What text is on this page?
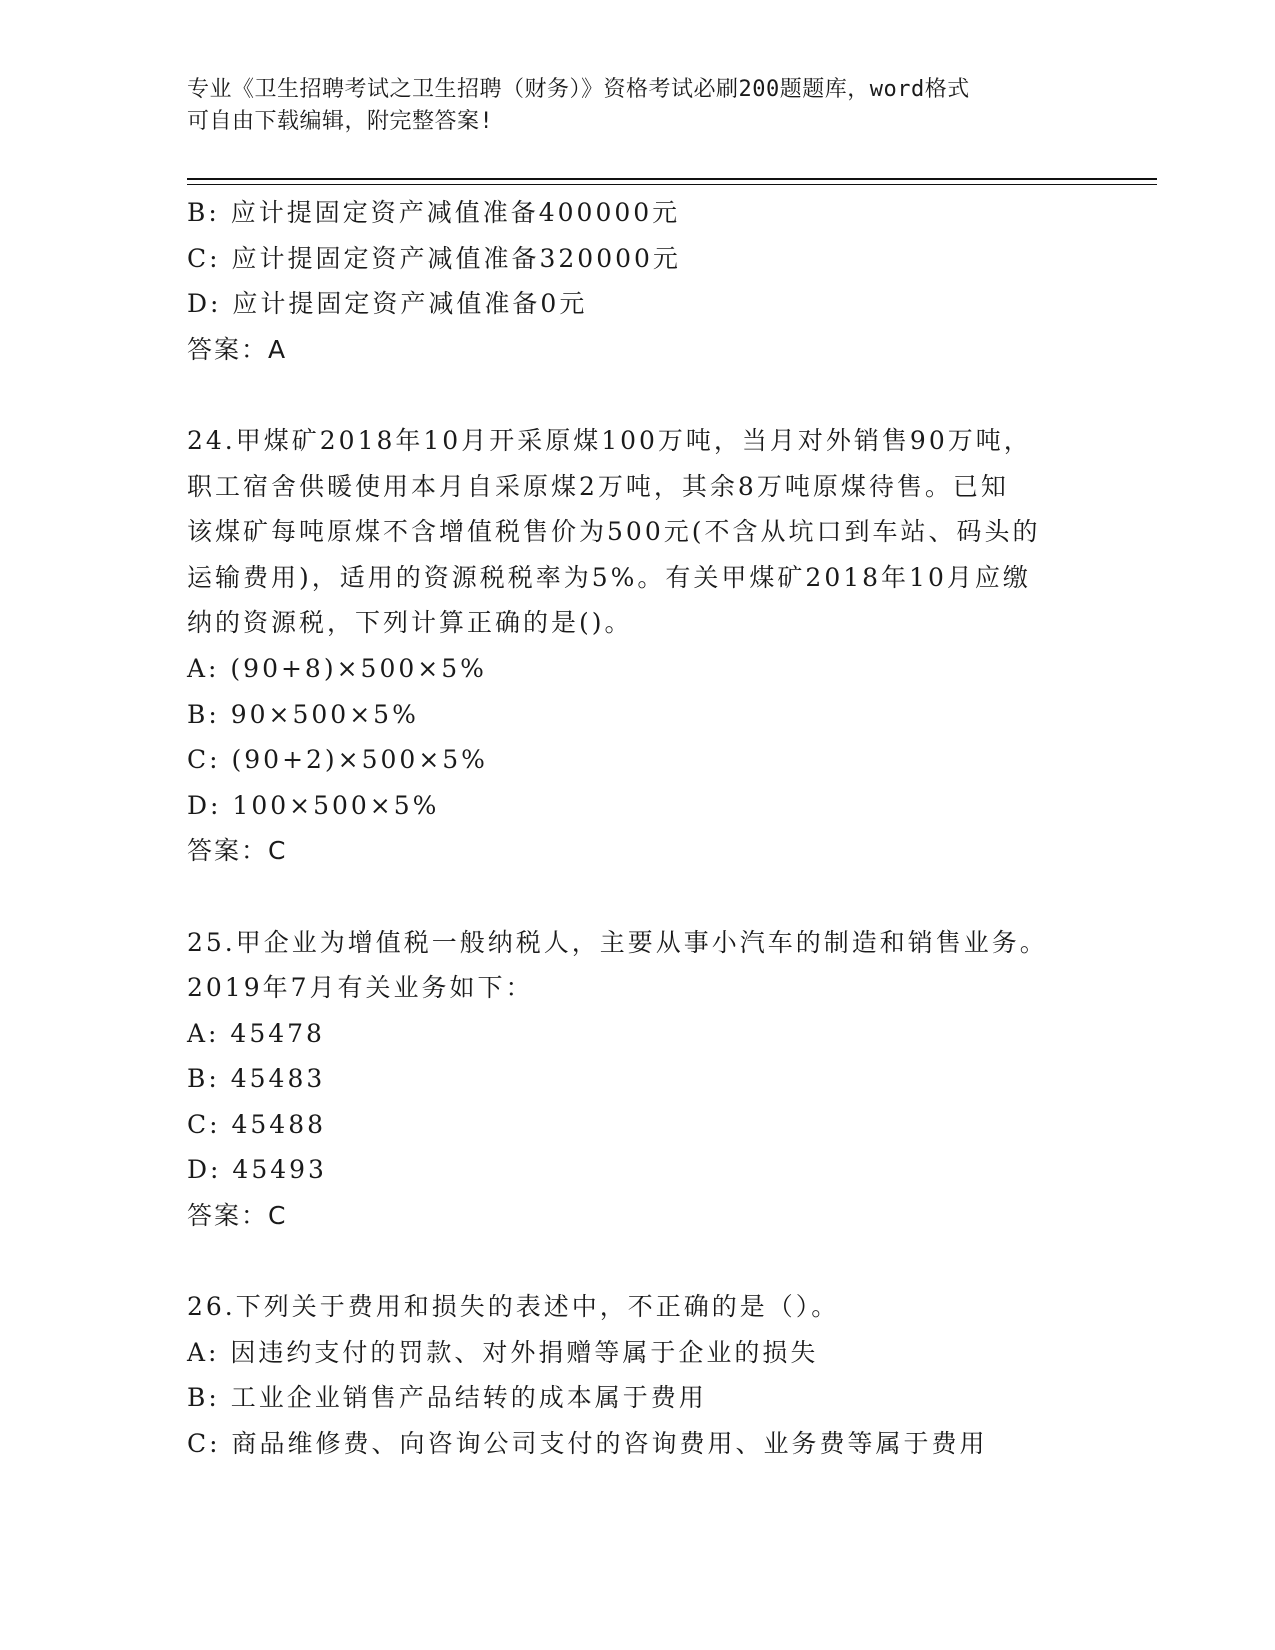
专业《卫生招聘考试之卫生招聘（财务）》资格考试必刷200题题库，word格式
可自由下载编辑，附完整答案!
B: 应计提固定资产减值准备400000元
C: 应计提固定资产减值准备320000元
D: 应计提固定资产减值准备0元
答案：A
24.甲煤矿2018年10月开采原煤100万吨，当月对外销售90万吨，
职工宿舍供暖使用本月自采原煤2万吨，其余8万吨原煤待售。已知
该煤矿每吨原煤不含增值税售价为500元(不含从坑口到车站、码头的
运输费用)，适用的资源税税率为5%。有关甲煤矿2018年10月应缴
纳的资源税，下列计算正确的是()。
A: (90+8)×500×5%
B: 90×500×5%
C: (90+2)×500×5%
D: 100×500×5%
答案：C
25.甲企业为增值税一般纳税人，主要从事小汽车的制造和销售业务。
2019年7月有关业务如下：
A: 45478
B: 45483
C: 45488
D: 45493
答案：C
26.下列关于费用和损失的表述中，不正确的是（）。
A: 因违约支付的罚款、对外捐赠等属于企业的损失
B: 工业企业销售产品结转的成本属于费用
C: 商品维修费、向咨询公司支付的咨询费用、业务费等属于费用
